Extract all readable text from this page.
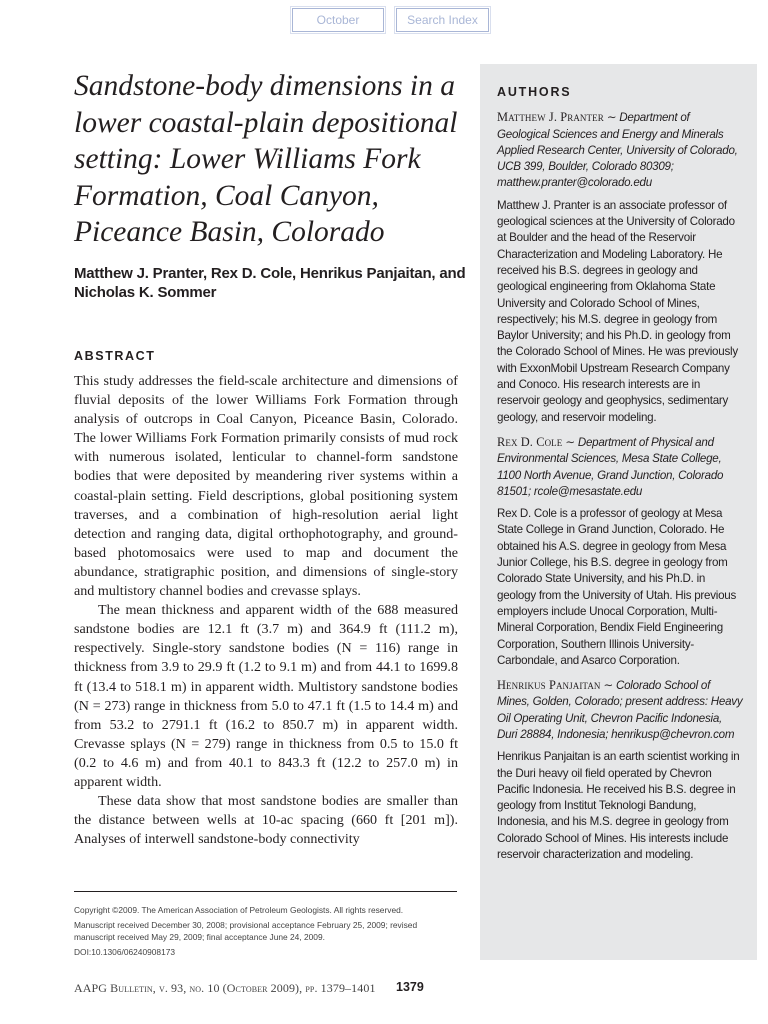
October	Search Index
Sandstone-body dimensions in a lower coastal-plain depositional setting: Lower Williams Fork Formation, Coal Canyon, Piceance Basin, Colorado

Matthew J. Pranter, Rex D. Cole, Henrikus Panjaitan, and Nicholas K. Sommer

ABSTRACT

This study addresses the field-scale architecture and dimensions of fluvial deposits of the lower Williams Fork Formation through analysis of outcrops in Coal Canyon, Piceance Basin, Colorado. The lower Williams Fork Formation primarily consists of mud rock with numerous isolated, lenticular to channel-form sandstone bodies that were deposited by meandering river systems within a coastal-plain setting. Field descriptions, global positioning system traverses, and a combination of high-resolution aerial light detection and ranging data, digital orthophotography, and ground-based photomosaics were used to map and document the abundance, stratigraphic position, and dimensions of single-story and multistory channel bodies and crevasse splays.

The mean thickness and apparent width of the 688 measured sandstone bodies are 12.1 ft (3.7 m) and 364.9 ft (111.2 m), respectively. Single-story sandstone bodies (N = 116) range in thickness from 3.9 to 29.9 ft (1.2 to 9.1 m) and from 44.1 to 1699.8 ft (13.4 to 518.1 m) in apparent width. Multistory sandstone bodies (N = 273) range in thickness from 5.0 to 47.1 ft (1.5 to 14.4 m) and from 53.2 to 2791.1 ft (16.2 to 850.7 m) in apparent width. Crevasse splays (N = 279) range in thickness from 0.5 to 15.0 ft (0.2 to 4.6 m) and from 40.1 to 843.3 ft (12.2 to 257.0 m) in apparent width.

These data show that most sandstone bodies are smaller than the distance between wells at 10-ac spacing (660 ft [201 m]). Analyses of interwell sandstone-body connectivity

Copyright ©2009. The American Association of Petroleum Geologists. All rights reserved.

Manuscript received December 30, 2008; provisional acceptance February 25, 2009; revised manuscript received May 29, 2009; final acceptance June 24, 2009.

DOI:10.1306/06240908173

AAPG Bulletin, v. 93, no. 10 (October 2009), pp. 1379–1401 1379
AUTHORS

Matthew J. Pranter ∼ Department of Geological Sciences and Energy and Minerals Applied Research Center, University of Colorado, UCB 399, Boulder, Colorado 80309; matthew.pranter@colorado.edu

Matthew J. Pranter is an associate professor of geological sciences at the University of Colorado at Boulder and the head of the Reservoir Characterization and Modeling Laboratory. He received his B.S. degrees in geology and geological engineering from Oklahoma State University and Colorado School of Mines, respectively; his M.S. degree in geology from Baylor University; and his Ph.D. in geology from the Colorado School of Mines. He was previously with ExxonMobil Upstream Research Company and Conoco. His research interests are in reservoir geology and geophysics, sedimentary geology, and reservoir modeling.

Rex D. Cole ∼ Department of Physical and Environmental Sciences, Mesa State College, 1100 North Avenue, Grand Junction, Colorado 81501; rcole@mesastate.edu

Rex D. Cole is a professor of geology at Mesa State College in Grand Junction, Colorado. He obtained his A.S. degree in geology from Mesa Junior College, his B.S. degree in geology from Colorado State University, and his Ph.D. in geology from the University of Utah. His previous employers include Unocal Corporation, Multi-Mineral Corporation, Bendix Field Engineering Corporation, Southern Illinois University-Carbondale, and Asarco Corporation.

Henrikus Panjaitan ∼ Colorado School of Mines, Golden, Colorado; present address: Heavy Oil Operating Unit, Chevron Pacific Indonesia, Duri 28884, Indonesia; henrikusp@chevron.com

Henrikus Panjaitan is an earth scientist working in the Duri heavy oil field operated by Chevron Pacific Indonesia. He received his B.S. degree in geology from Institut Teknologi Bandung, Indonesia, and his M.S. degree in geology from Colorado School of Mines. His interests include reservoir characterization and modeling.
